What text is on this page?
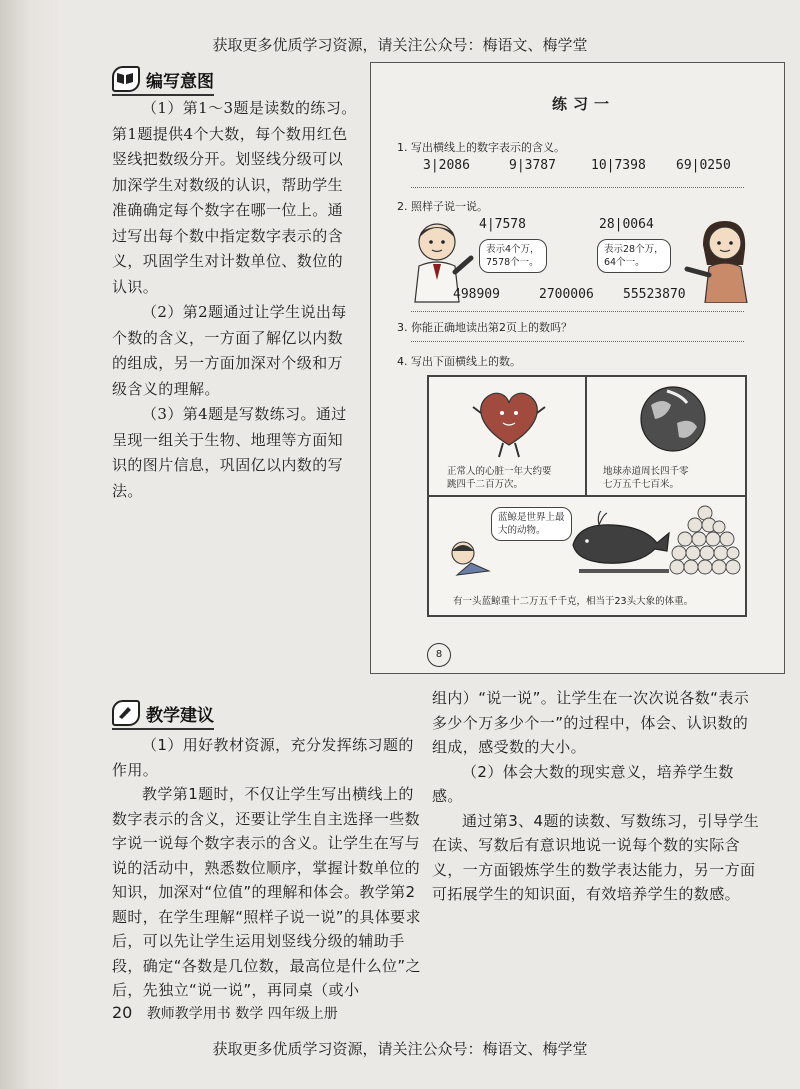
获取更多优质学习资源，请关注公众号：梅语文、梅学堂
编写意图

（1）第1～3题是读数的练习。第1题提供4个大数，每个数用红色竖线把数级分开。划竖线分级可以加深学生对数级的认识，帮助学生准确确定每个数字在哪一位上。通过写出每个数中指定数字表示的含义，巩固学生对计数单位、数位的认识。

（2）第2题通过让学生说出每个数的含义，一方面了解亿以内数的组成，另一方面加深对个级和万级含义的理解。

（3）第4题是写数练习。通过呈现一组关于生物、地理等方面知识的图片信息，巩固亿以内数的写法。

练习一
1. 写出横线上的数字表示的含义。
3|2086	9|3787	10|7398 69|0250
2. 照样子说一说。
4|7578	28|0064
表示4个万，
7578个一。
表示28个万，
64个一。
498909	2700006 55523870
3. 你能正确地读出第2页上的数吗？
4. 写出下面横线上的数。
正常人的心脏一年大约要
跳四千二百万次。
地球赤道周长四千零
七万五千七百米。
蓝鲸是世界上最
大的动物。
有一头蓝鲸重十二万五千千克，相当于23头大象的体重。
8
教学建议

（1）用好教材资源，充分发挥练习题的作用。

教学第1题时，不仅让学生写出横线上的数字表示的含义，还要让学生自主选择一些数字说一说每个数字表示的含义。让学生在写与说的活动中，熟悉数位顺序，掌握计数单位的知识，加深对“位值”的理解和体会。教学第2题时，在学生理解“照样子说一说”的具体要求后，可以先让学生运用划竖线分级的辅助手段，确定“各数是几位数，最高位是什么位”之后，先独立“说一说”，再同桌（或小

组内）“说一说”。让学生在一次次说各数“表示多少个万多少个一”的过程中，体会、认识数的组成，感受数的大小。

（2）体会大数的现实意义，培养学生数感。

通过第3、4题的读数、写数练习，引导学生在读、写数后有意识地说一说每个数的实际含义，一方面锻炼学生的数学表达能力，另一方面可拓展学生的知识面，有效培养学生的数感。

20 教师教学用书 数学 四年级上册
获取更多优质学习资源，请关注公众号：梅语文、梅学堂
